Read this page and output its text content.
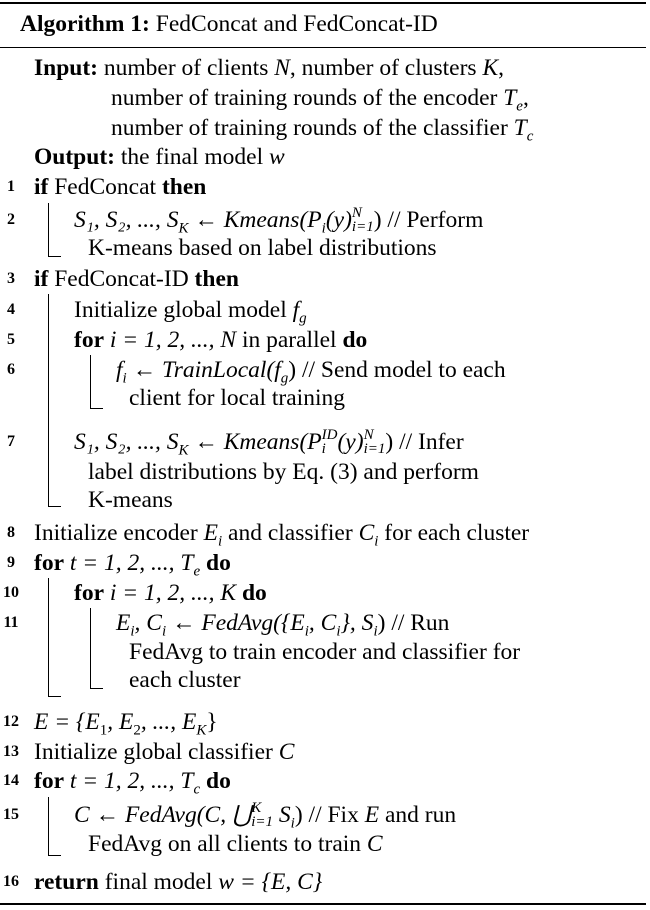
Algorithm 1: FedConcat and FedConcat-ID
Input: number of clients N, number of clusters K,
number of training rounds of the encoder $T_e$,
number of training rounds of the classifier $T_c$
Output: the final model w
1 if FedConcat then
2	S₁, S₂, ..., $S_K$ ← $Kmeans(P_i(y)$ N
i=1 ) // Perform
K-means based on label distributions
3 if FedConcat-ID then
4	Initialize global model $f_g$
5	for i = 1, 2, ..., N in parallel do
6	$f_i$ ← $TrainLocal(f_g)$ // Send model to each
client for local training
7	S₁, S₂, ..., $S_K$ ← Kmeans(P ID
i (y) N
i=1 ) // Infer
label distributions by Eq. (3) and perform
K-means
8 Initialize encoder $E_i$ and classifier $C_i$ for each cluster
9 for t = 1, 2, ..., $T_e$ do
10 for i = 1, 2, ..., K do
11	$E_i$, $C_i$ ← $FedAvg(\{E_i$, $C_i$}, $S_i$) // Run
FedAvg to train encoder and classifier for
each cluster
12 $E = \{E_1$, $E_2$, ..., $E_K$}
13 Initialize global classifier C
14 for t = 1, 2, ..., $T_c$ do
15 C ← FedAvg(C, ⋃ K
i=1 $S_i$) // Fix E and run
FedAvg on all clients to train C
16 return final model w = {E, C}
